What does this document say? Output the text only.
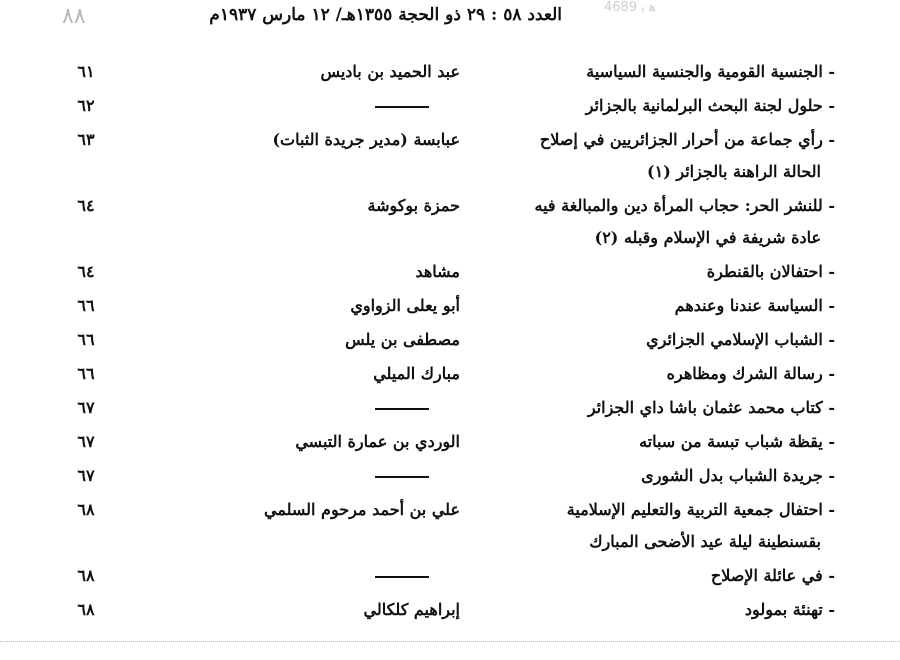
٨٨	4689 ﻫ ﺑ
العدد ٥٨ : ٢٩ ذو الحجة ١٣٥٥هـ/ ١٢ مارس ١٩٣٧م
- الجنسية القومية والجنسية السياسية
عبد الحميد بن باديس
٦١
- حلول لجنة البحث البرلمانية بالجزائر
٦٢
- رأي جماعة من أحرار الجزائريين في إصلاح
الحالة الراهنة بالجزائر (١)
عبابسة (مدير جريدة الثبات)
٦٣
- للنشر الحر: حجاب المرأة دين والمبالغة فيه
عادة شريفة في الإسلام وقبله (٢)
حمزة بوكوشة
٦٤
- احتفالان بالقنطرة
مشاهد
٦٤
- السياسة عندنا وعندهم
أبو يعلى الزواوي
٦٦
- الشباب الإسلامي الجزائري
مصطفى بن يلس
٦٦
- رسالة الشرك ومظاهره
مبارك الميلي
٦٦
- كتاب محمد عثمان باشا داي الجزائر
٦٧
- يقظة شباب تبسة من سباته
الوردي بن عمارة التبسي
٦٧
- جريدة الشباب بدل الشورى
٦٧
- احتفال جمعية التربية والتعليم الإسلامية
بقسنطينة ليلة عيد الأضحى المبارك
علي بن أحمد مرحوم السلمي
٦٨
- في عائلة الإصلاح
٦٨
- تهنئة بمولود
إبراهيم كلكالي
٦٨
